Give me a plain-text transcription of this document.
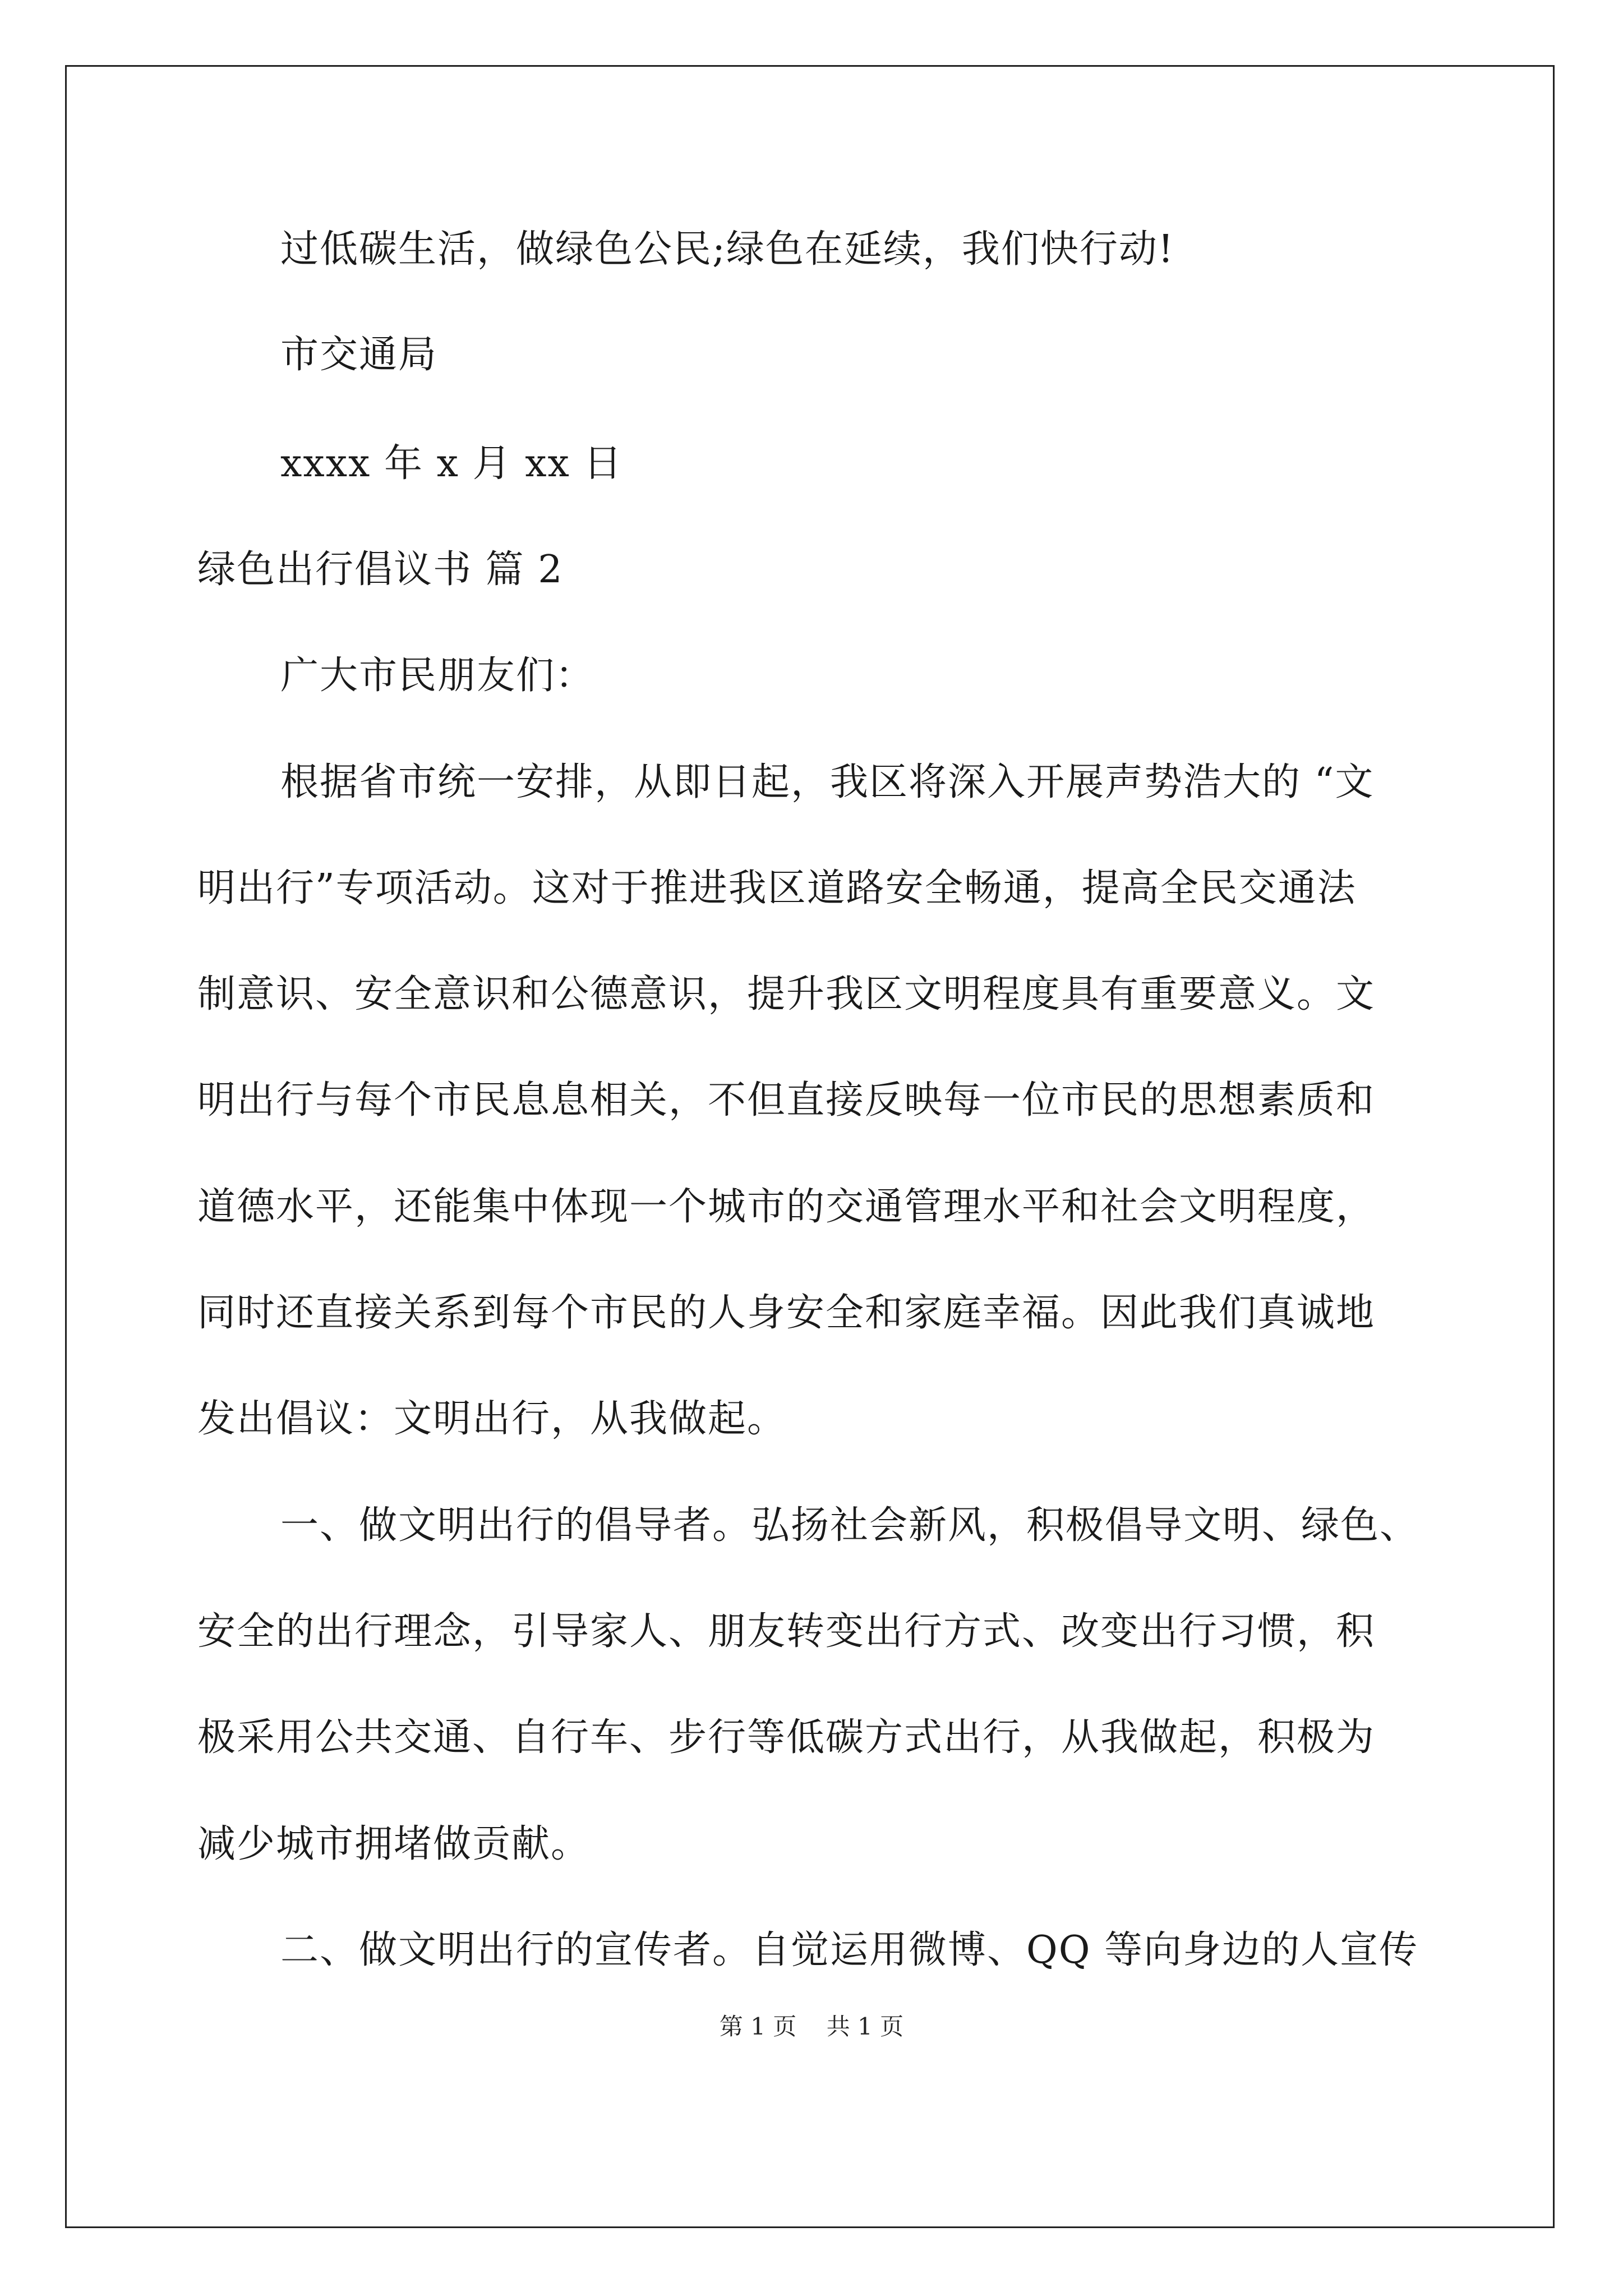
过低碳生活，做绿色公民;绿色在延续，我们快行动!
市交通局
xxxx 年 x 月 xx 日
绿色出行倡议书 篇 2
广大市民朋友们：
根据省市统一安排，从即日起，我区将深入开展声势浩大的 “文
明出行”专项活动。这对于推进我区道路安全畅通，提高全民交通法
制意识、安全意识和公德意识，提升我区文明程度具有重要意义。文
明出行与每个市民息息相关，不但直接反映每一位市民的思想素质和
道德水平，还能集中体现一个城市的交通管理水平和社会文明程度，
同时还直接关系到每个市民的人身安全和家庭幸福。因此我们真诚地
发出倡议：文明出行，从我做起。
一、做文明出行的倡导者。弘扬社会新风，积极倡导文明、绿色、
安全的出行理念，引导家人、朋友转变出行方式、改变出行习惯，积
极采用公共交通、自行车、步行等低碳方式出行，从我做起，积极为
减少城市拥堵做贡献。
二、做文明出行的宣传者。自觉运用微博、QQ 等向身边的人宣传
第 1 页    共 1 页
